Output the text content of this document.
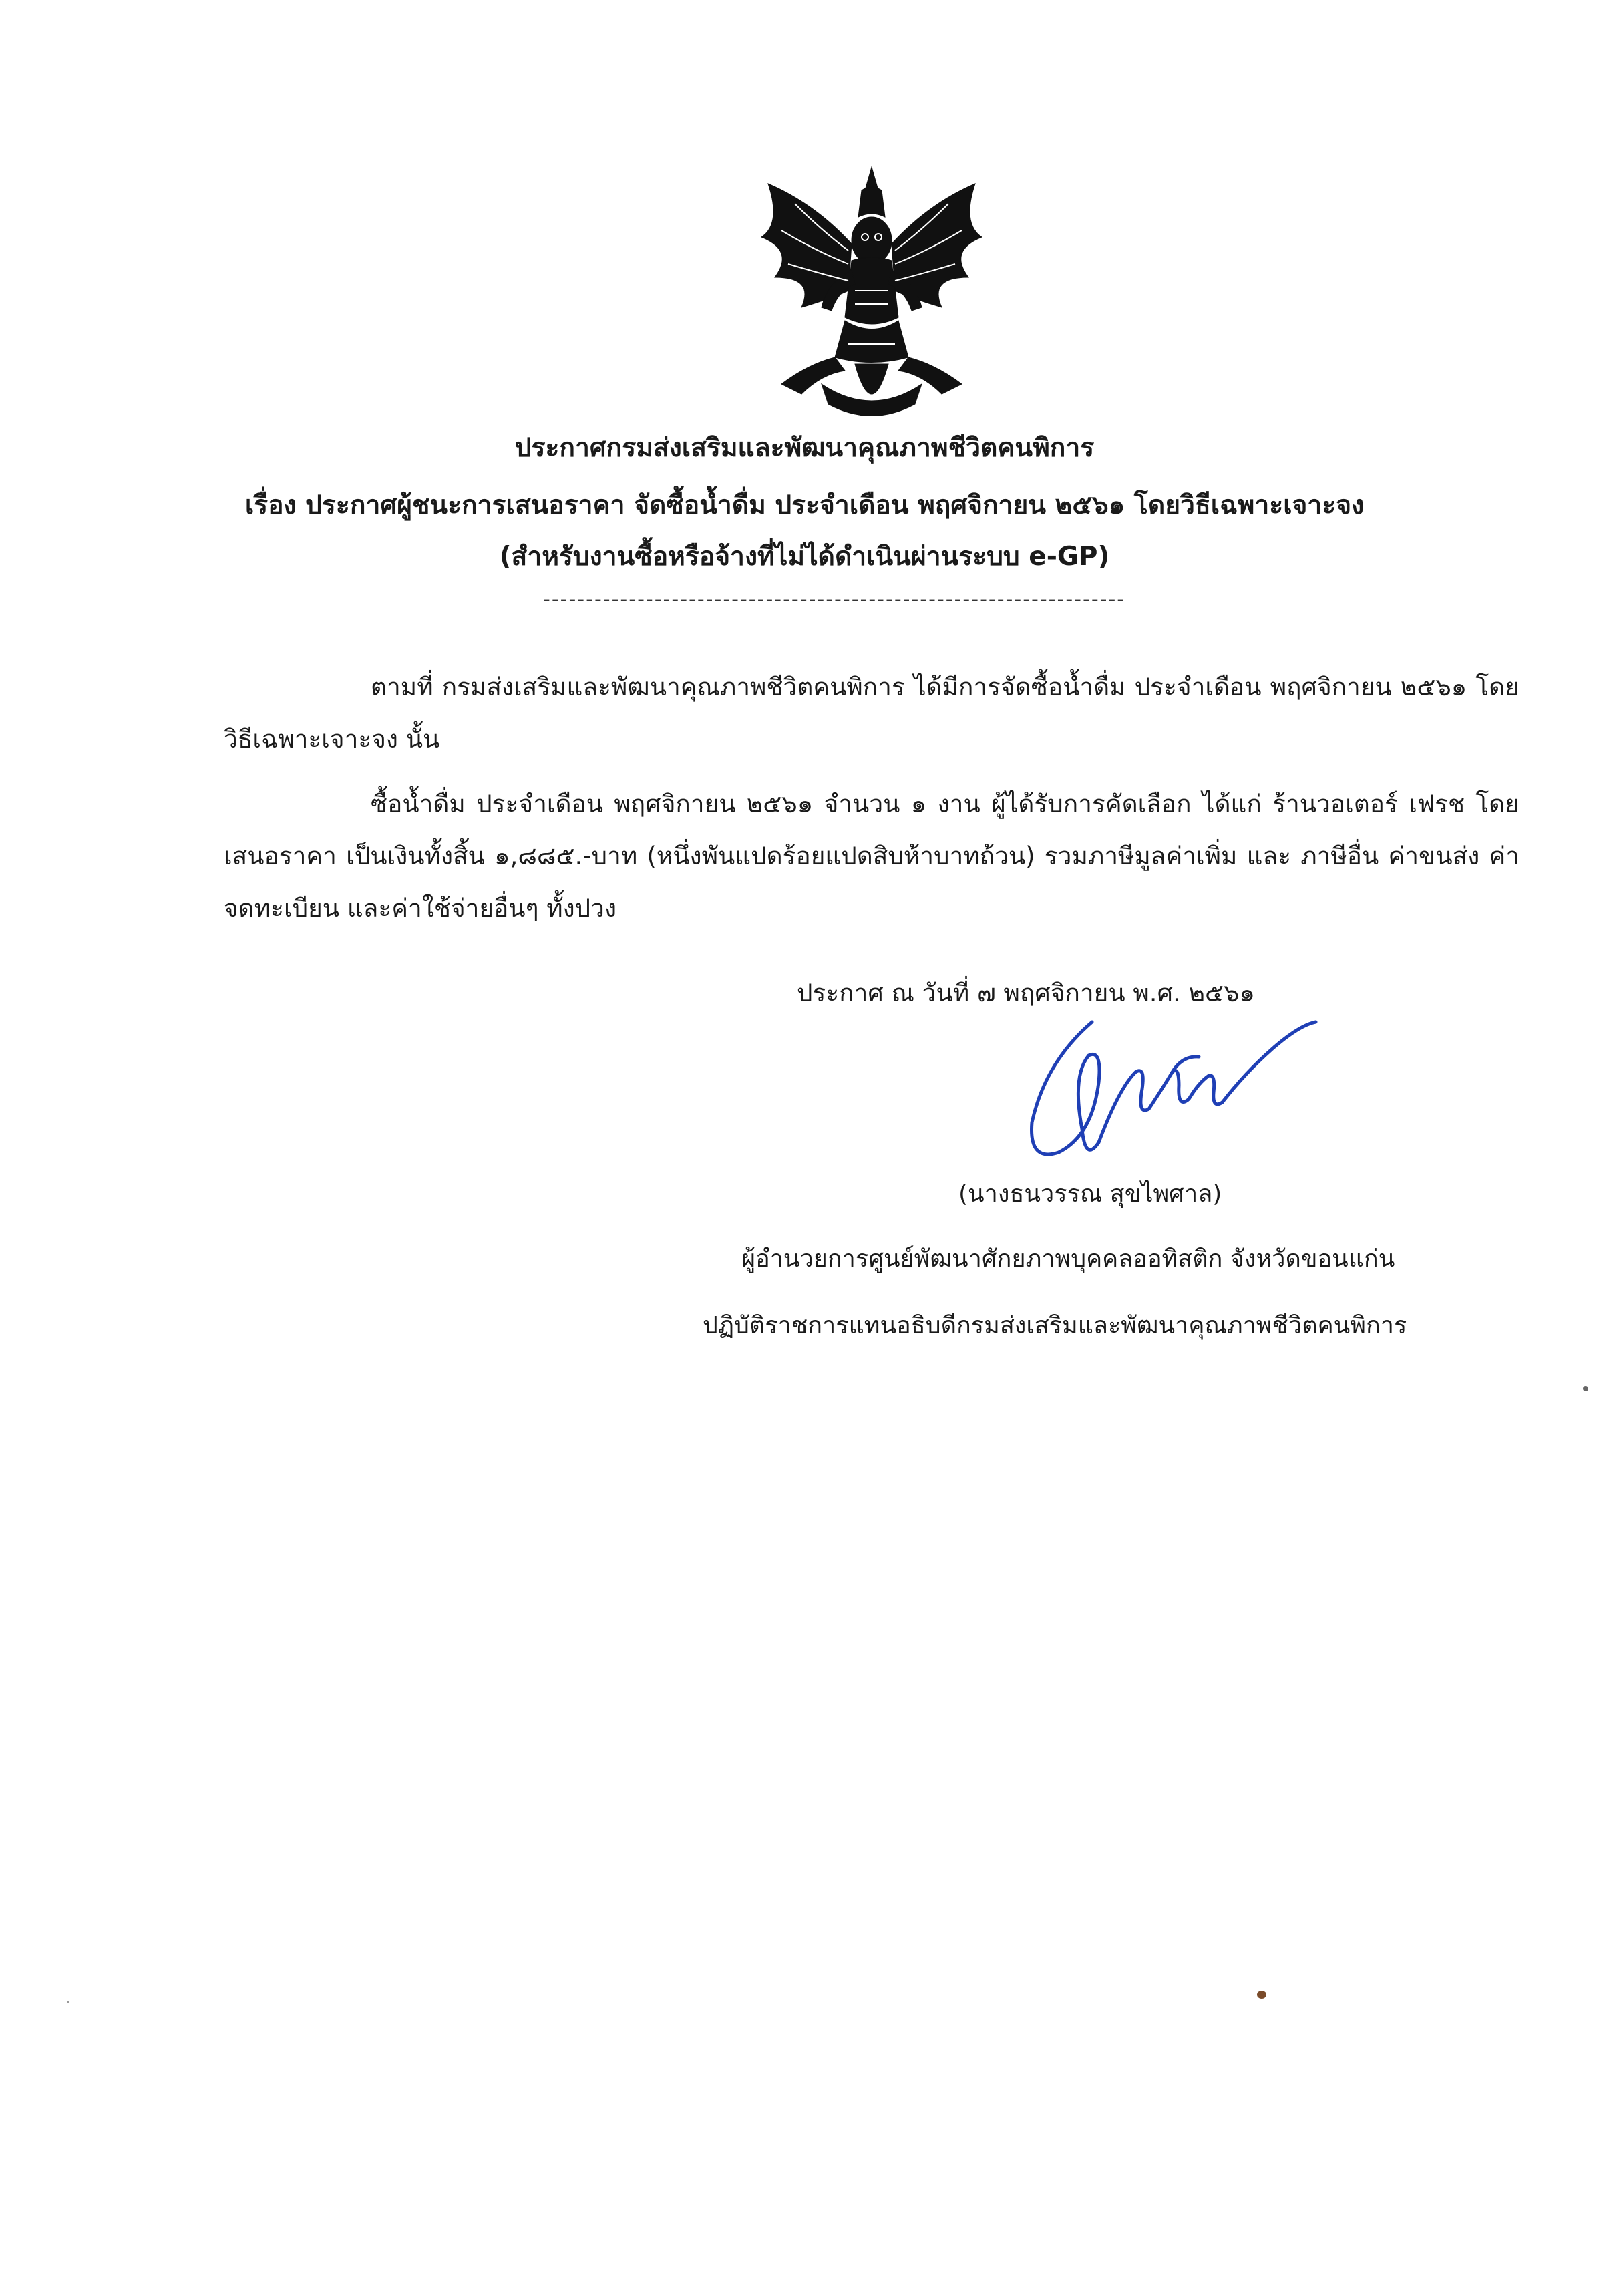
ประกาศกรมส่งเสริมและพัฒนาคุณภาพชีวิตคนพิการ
เรื่อง ประกาศผู้ชนะการเสนอราคา จัดซื้อน้ำดื่ม ประจำเดือน พฤศจิกายน ๒๕๖๑ โดยวิธีเฉพาะเจาะจง
(สำหรับงานซื้อหรือจ้างที่ไม่ได้ดำเนินผ่านระบบ e-GP)
--------------------------------------------------------------------

ตามที่ กรมส่งเสริมและพัฒนาคุณภาพชีวิตคนพิการ ได้มีการจัดซื้อน้ำดื่ม ประจำเดือน พฤศจิกายน ๒๕๖๑ โดยวิธีเฉพาะเจาะจง นั้น

ซื้อน้ำดื่ม ประจำเดือน พฤศจิกายน ๒๕๖๑ จำนวน ๑ งาน ผู้ได้รับการคัดเลือก ได้แก่ ร้านวอเตอร์ เฟรช โดยเสนอราคา เป็นเงินทั้งสิ้น ๑,๘๘๕.-บาท (หนึ่งพันแปดร้อยแปดสิบห้าบาทถ้วน) รวมภาษีมูลค่าเพิ่ม และ ภาษีอื่น ค่าขนส่ง ค่าจดทะเบียน และค่าใช้จ่ายอื่นๆ ทั้งปวง

ประกาศ ณ วันที่ ๗ พฤศจิกายน พ.ศ. ๒๕๖๑
(นางธนวรรณ สุขไพศาล)
ผู้อำนวยการศูนย์พัฒนาศักยภาพบุคคลออทิสติก จังหวัดขอนแก่น
ปฏิบัติราชการแทนอธิบดีกรมส่งเสริมและพัฒนาคุณภาพชีวิตคนพิการ
